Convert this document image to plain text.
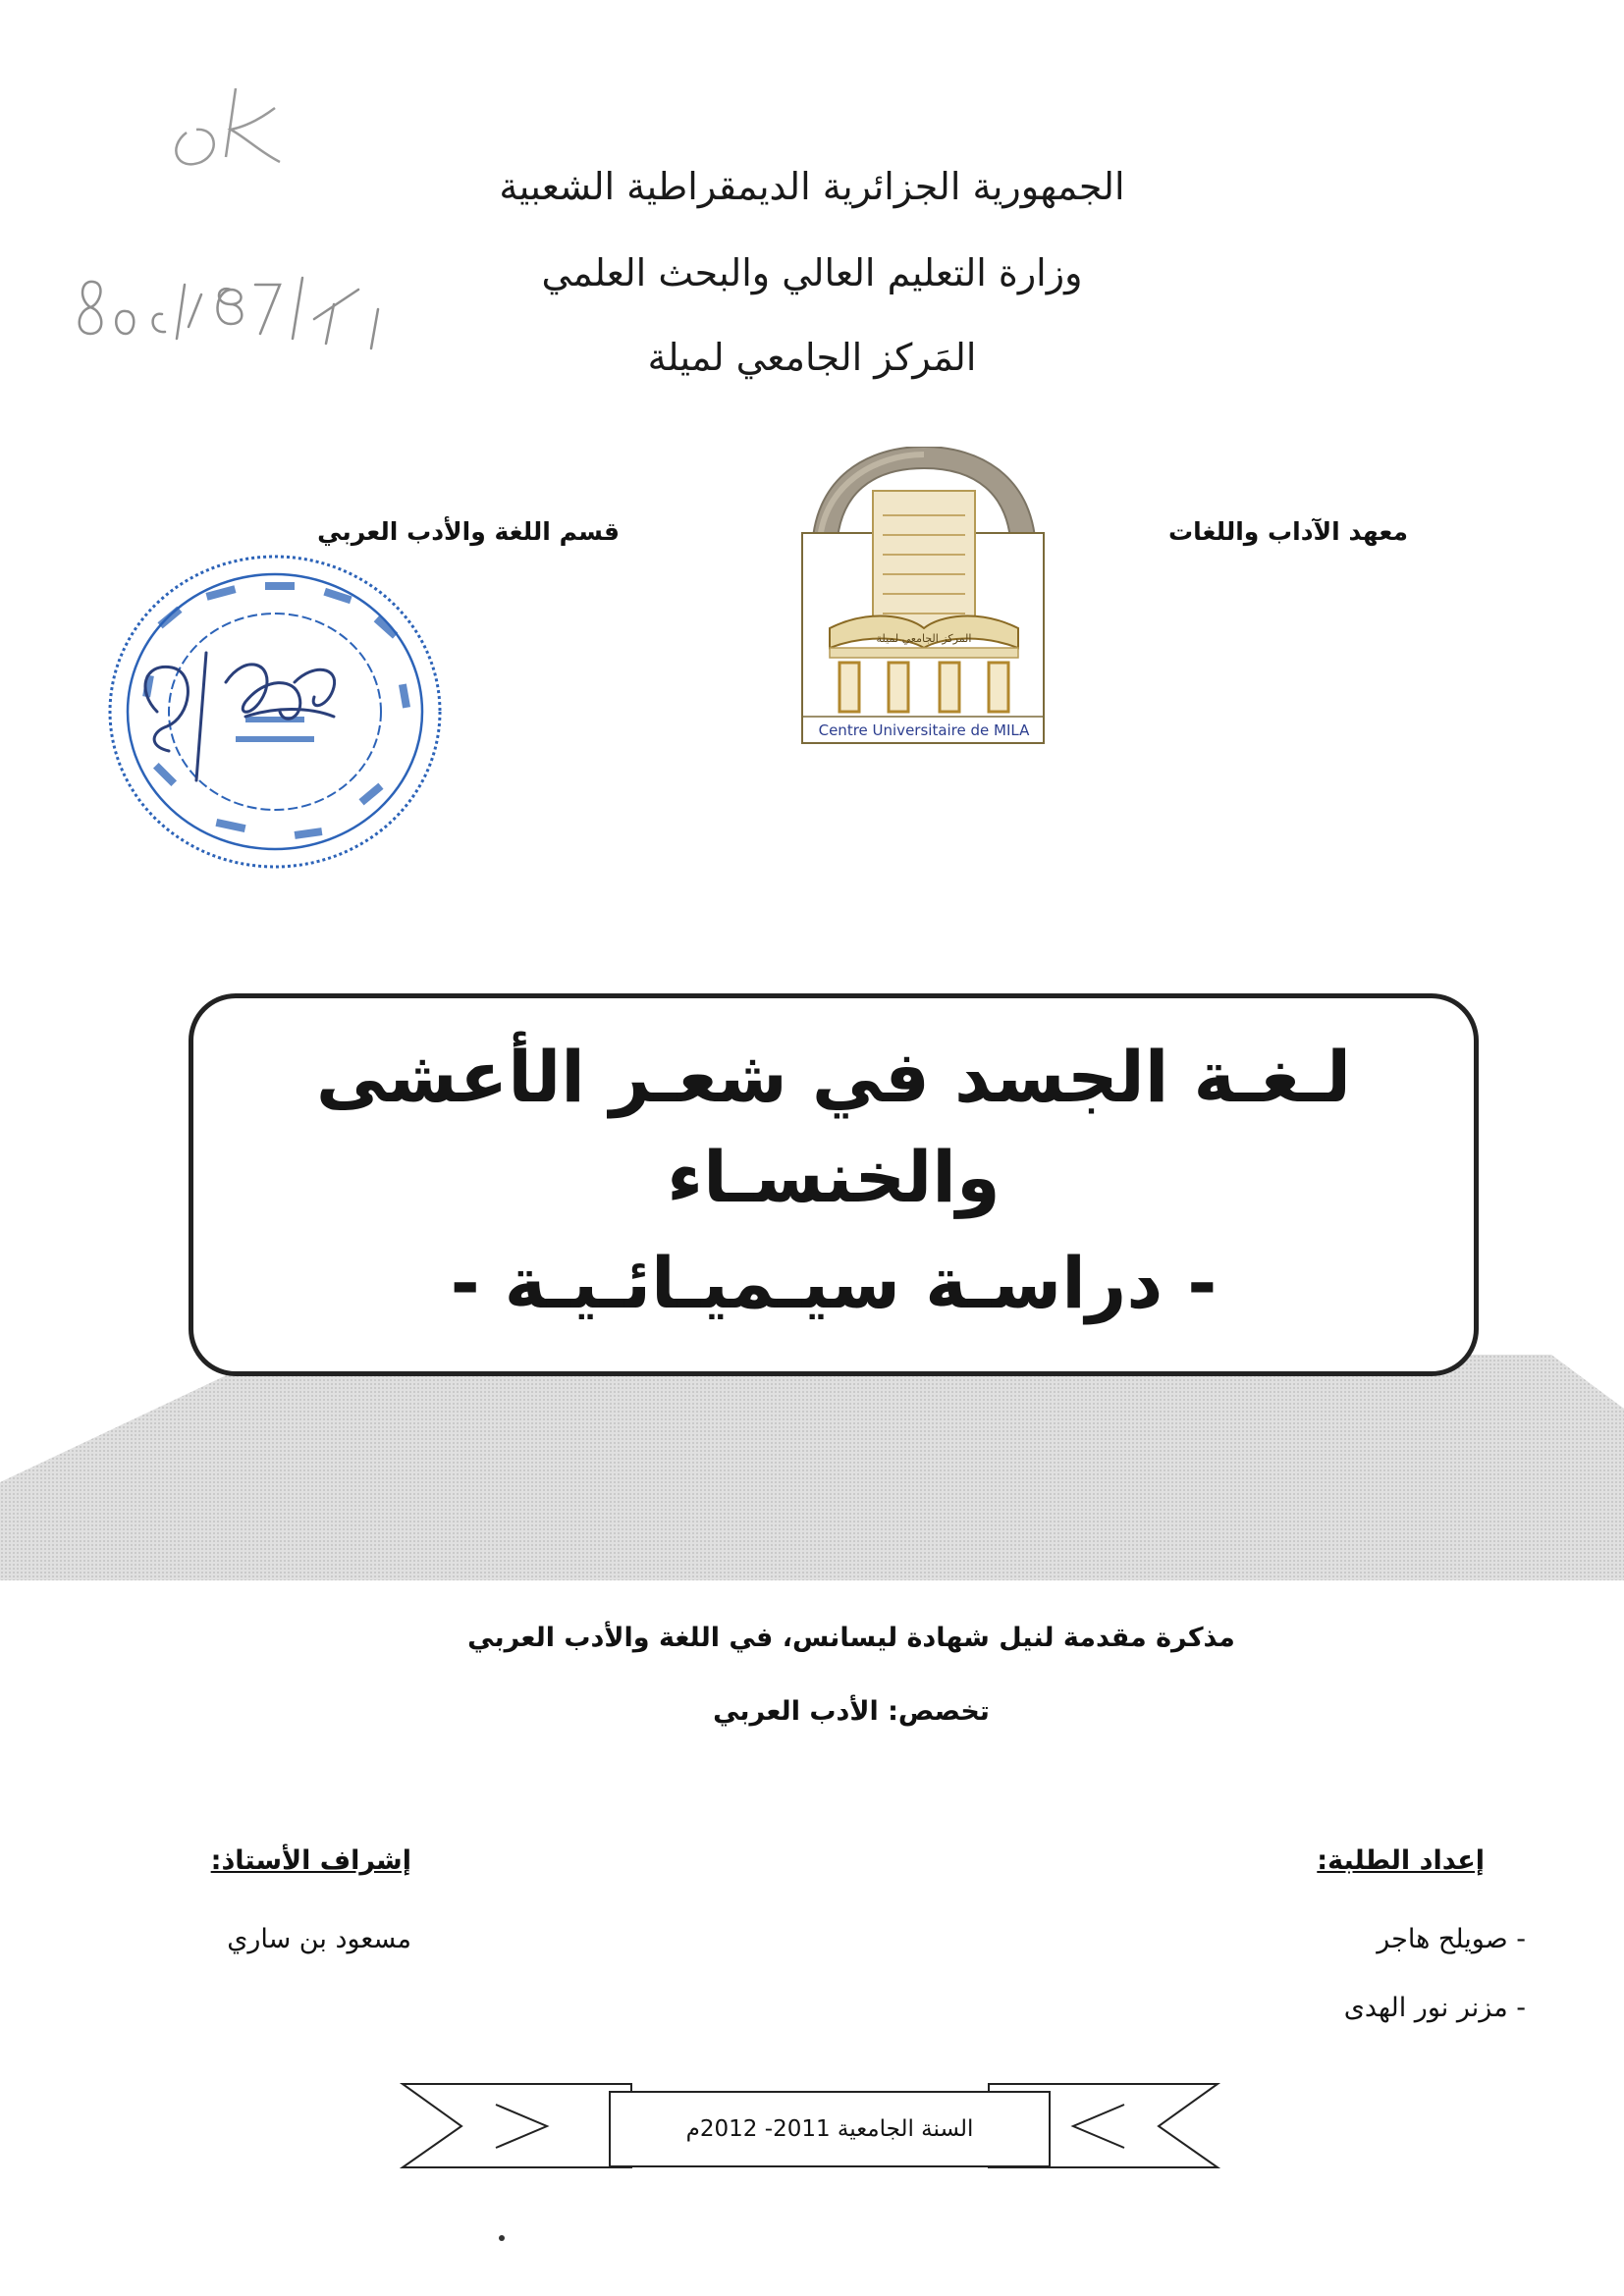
الجمهورية الجزائرية الديمقراطية الشعبية
وزارة التعليم العالي والبحث العلمي
المَركز الجامعي لميلة
معهد الآداب واللغات
قسم اللغة والأدب العربي
المركز الجامعي لميلة
Centre Universitaire de MILA
لـغـة الجسد في شعـر الأعشى
والخنسـاء
- دراسـة سيـميـائـيـة -
مذكرة مقدمة لنيل شهادة ليسانس، في اللغة والأدب العربي
تخصص: الأدب العربي
إعداد الطلبة:
- صويلح هاجر
- مزنر نور الهدى
إشراف الأستاذ:
مسعود بن ساري
السنة الجامعية 2011- 2012م
